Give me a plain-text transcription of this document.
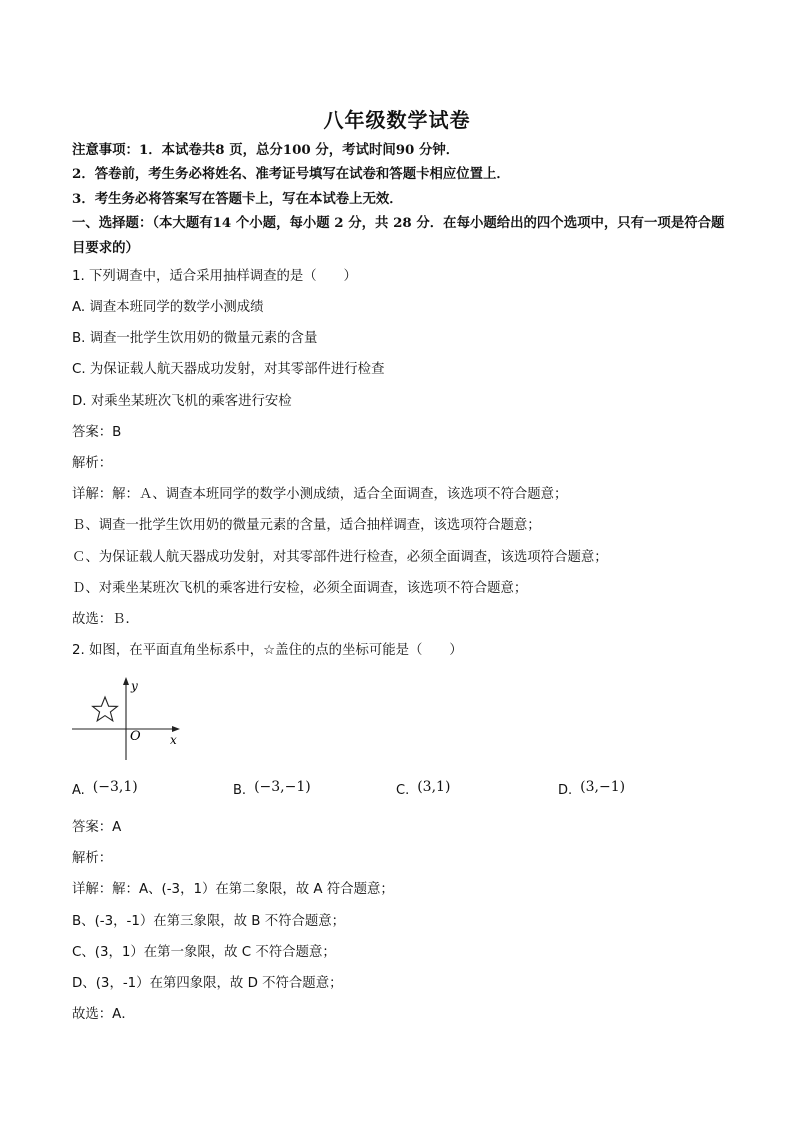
八年级数学试卷
注意事项：1．本试卷共8 页，总分100 分，考试时间90 分钟．
2．答卷前，考生务必将姓名、准考证号填写在试卷和答题卡相应位置上．
3．考生务必将答案写在答题卡上，写在本试卷上无效．
一、选择题：（本大题有14 个小题，每小题 2 分，共 28 分．在每小题给出的四个选项中，只有一项是符合题目要求的）
1. 下列调查中，适合采用抽样调查的是（　　）
A. 调查本班同学的数学小测成绩
B. 调查一批学生饮用奶的微量元素的含量
C. 为保证载人航天器成功发射，对其零部件进行检查
D. 对乘坐某班次飞机的乘客进行安检
答案：B
解析：
详解：解：Ａ、调查本班同学的数学小测成绩，适合全面调查，该选项不符合题意；
Ｂ、调查一批学生饮用奶的微量元素的含量，适合抽样调查，该选项符合题意；
Ｃ、为保证载人航天器成功发射，对其零部件进行检查，必须全面调查，该选项符合题意；
Ｄ、对乘坐某班次飞机的乘客进行安检，必须全面调查，该选项不符合题意；
故选：Ｂ．
2. 如图，在平面直角坐标系中，☆盖住的点的坐标可能是（　　）
y
x
O
A. (−3,1)	B. (−3,−1)	C. (3,1)	D. (3,−1)
答案：A
解析：
详解：解：A、(-3，1）在第二象限，故 A 符合题意；
B、(-3，-1）在第三象限，故 B 不符合题意；
C、(3，1）在第一象限，故 C 不符合题意；
D、(3，-1）在第四象限，故 D 不符合题意；
故选：A．
